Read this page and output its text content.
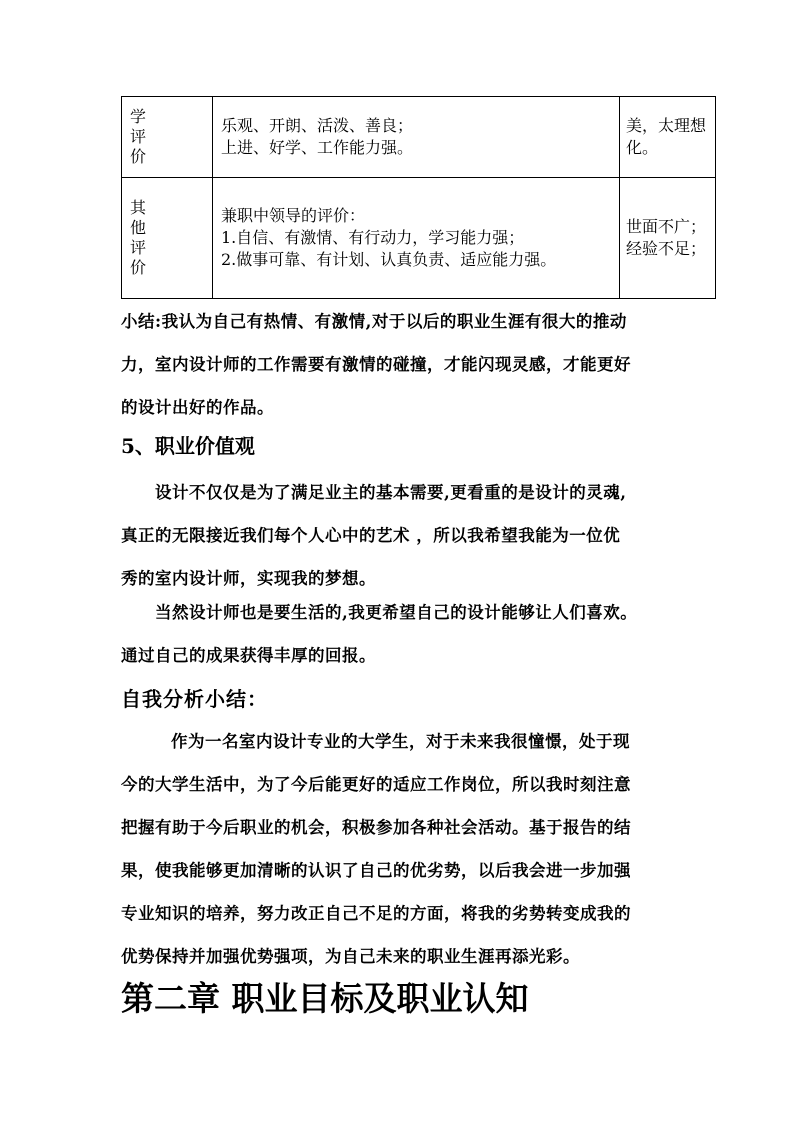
学
评
价	乐观、开朗、活泼、善良；
上进、好学、工作能力强。	美，太理想
化。

其
他
评
价	兼职中领导的评价：
1.自信、有激情、有行动力，学习能力强；
2.做事可靠、有计划、认真负责、适应能力强。	世面不广；
经验不足；
小结:我认为自己有热情、有激情,对于以后的职业生涯有很大的推动
力，室内设计师的工作需要有激情的碰撞，才能闪现灵感，才能更好
的设计出好的作品。
5、职业价值观
设计不仅仅是为了满足业主的基本需要,更看重的是设计的灵魂,
真正的无限接近我们每个人心中的艺术 ，所以我希望我能为一位优
秀的室内设计师，实现我的梦想。
当然设计师也是要生活的,我更希望自己的设计能够让人们喜欢。
通过自己的成果获得丰厚的回报。
自我分析小结：
作为一名室内设计专业的大学生，对于未来我很憧憬，处于现
今的大学生活中，为了今后能更好的适应工作岗位，所以我时刻注意
把握有助于今后职业的机会，积极参加各种社会活动。基于报告的结
果，使我能够更加清晰的认识了自己的优劣势，以后我会进一步加强
专业知识的培养，努力改正自己不足的方面，将我的劣势转变成我的
优势保持并加强优势强项，为自己未来的职业生涯再添光彩。
第二章 职业目标及职业认知
